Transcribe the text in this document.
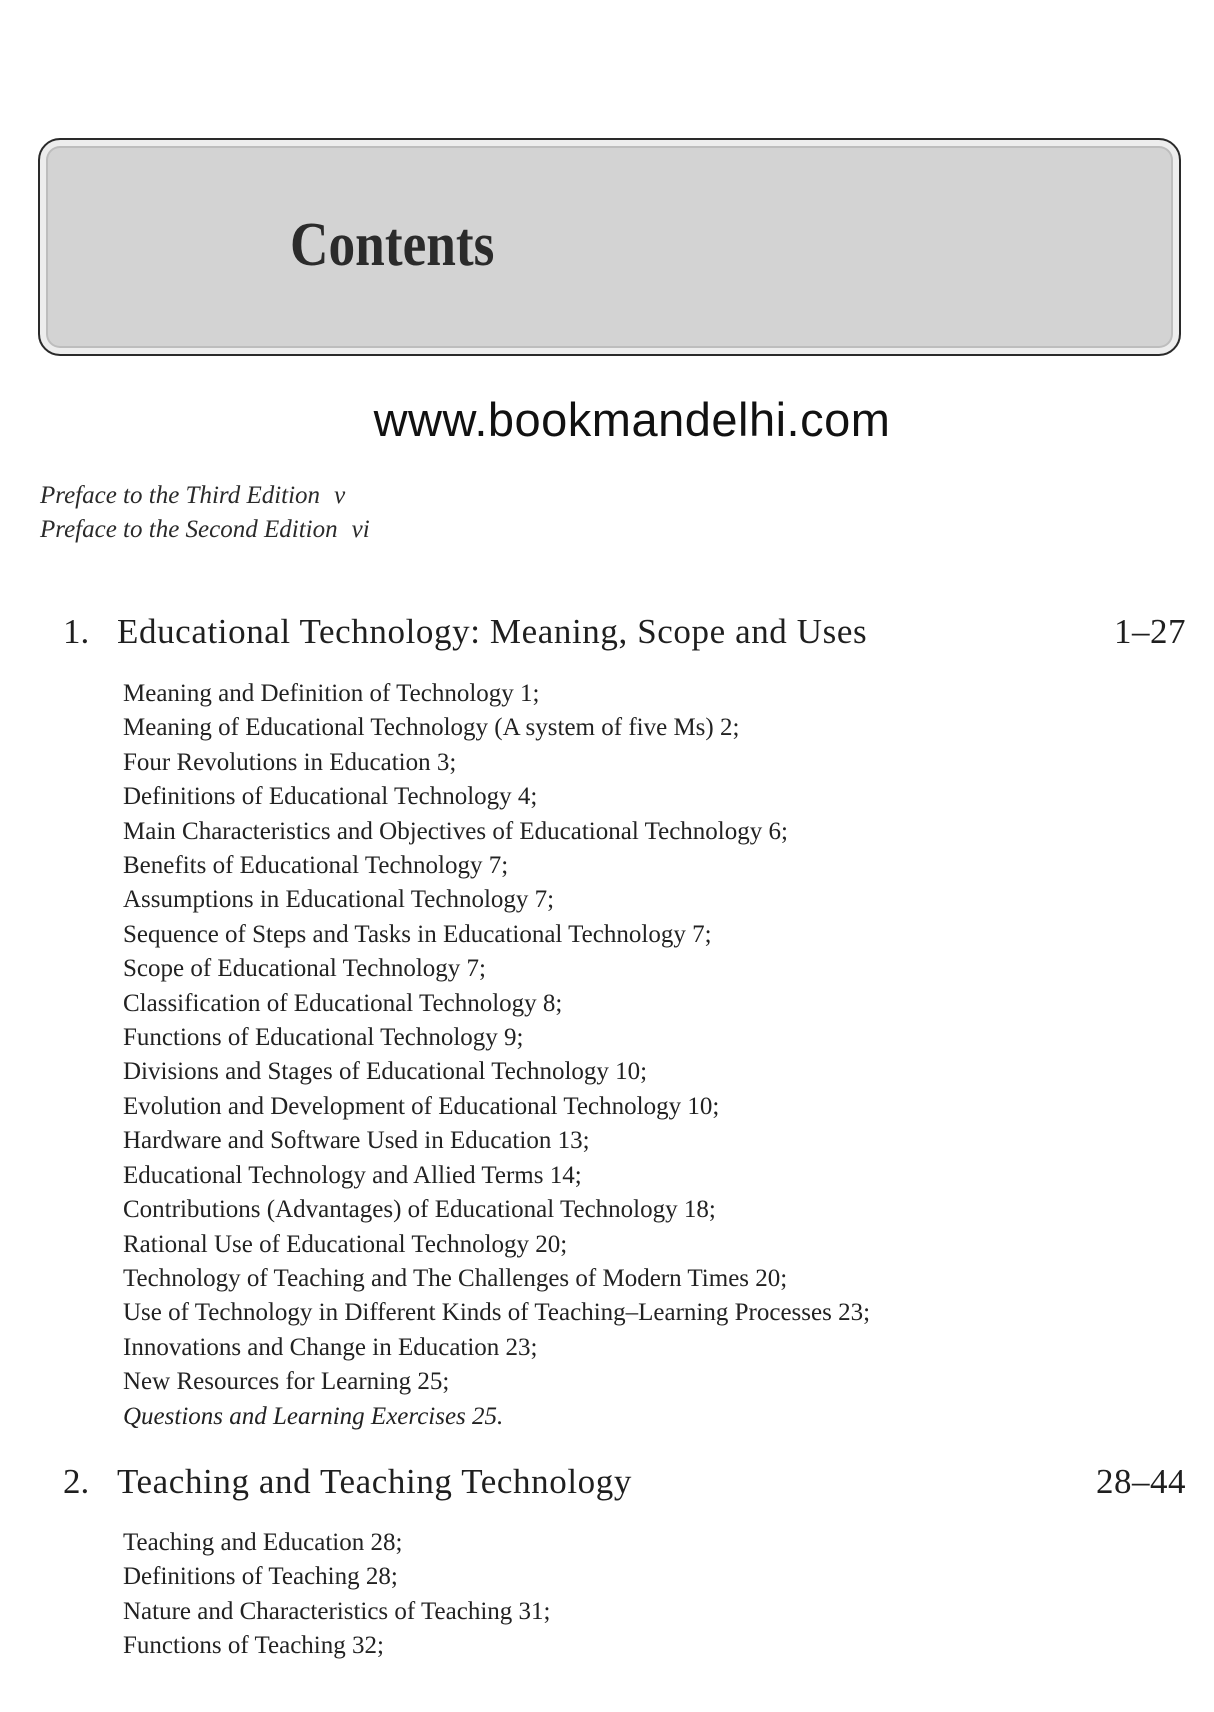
Contents
www.bookmandelhi.com
Preface to the Third Edition v
Preface to the Second Edition vi
1. Educational Technology: Meaning, Scope and Uses	1–27
Meaning and Definition of Technology 1;
Meaning of Educational Technology (A system of five Ms) 2;
Four Revolutions in Education 3;
Definitions of Educational Technology 4;
Main Characteristics and Objectives of Educational Technology 6;
Benefits of Educational Technology 7;
Assumptions in Educational Technology 7;
Sequence of Steps and Tasks in Educational Technology 7;
Scope of Educational Technology 7;
Classification of Educational Technology 8;
Functions of Educational Technology 9;
Divisions and Stages of Educational Technology 10;
Evolution and Development of Educational Technology 10;
Hardware and Software Used in Education 13;
Educational Technology and Allied Terms 14;
Contributions (Advantages) of Educational Technology 18;
Rational Use of Educational Technology 20;
Technology of Teaching and The Challenges of Modern Times 20;
Use of Technology in Different Kinds of Teaching–Learning Processes 23;
Innovations and Change in Education 23;
New Resources for Learning 25;
Questions and Learning Exercises 25.
2. Teaching and Teaching Technology	28–44
Teaching and Education 28;
Definitions of Teaching 28;
Nature and Characteristics of Teaching 31;
Functions of Teaching 32;
